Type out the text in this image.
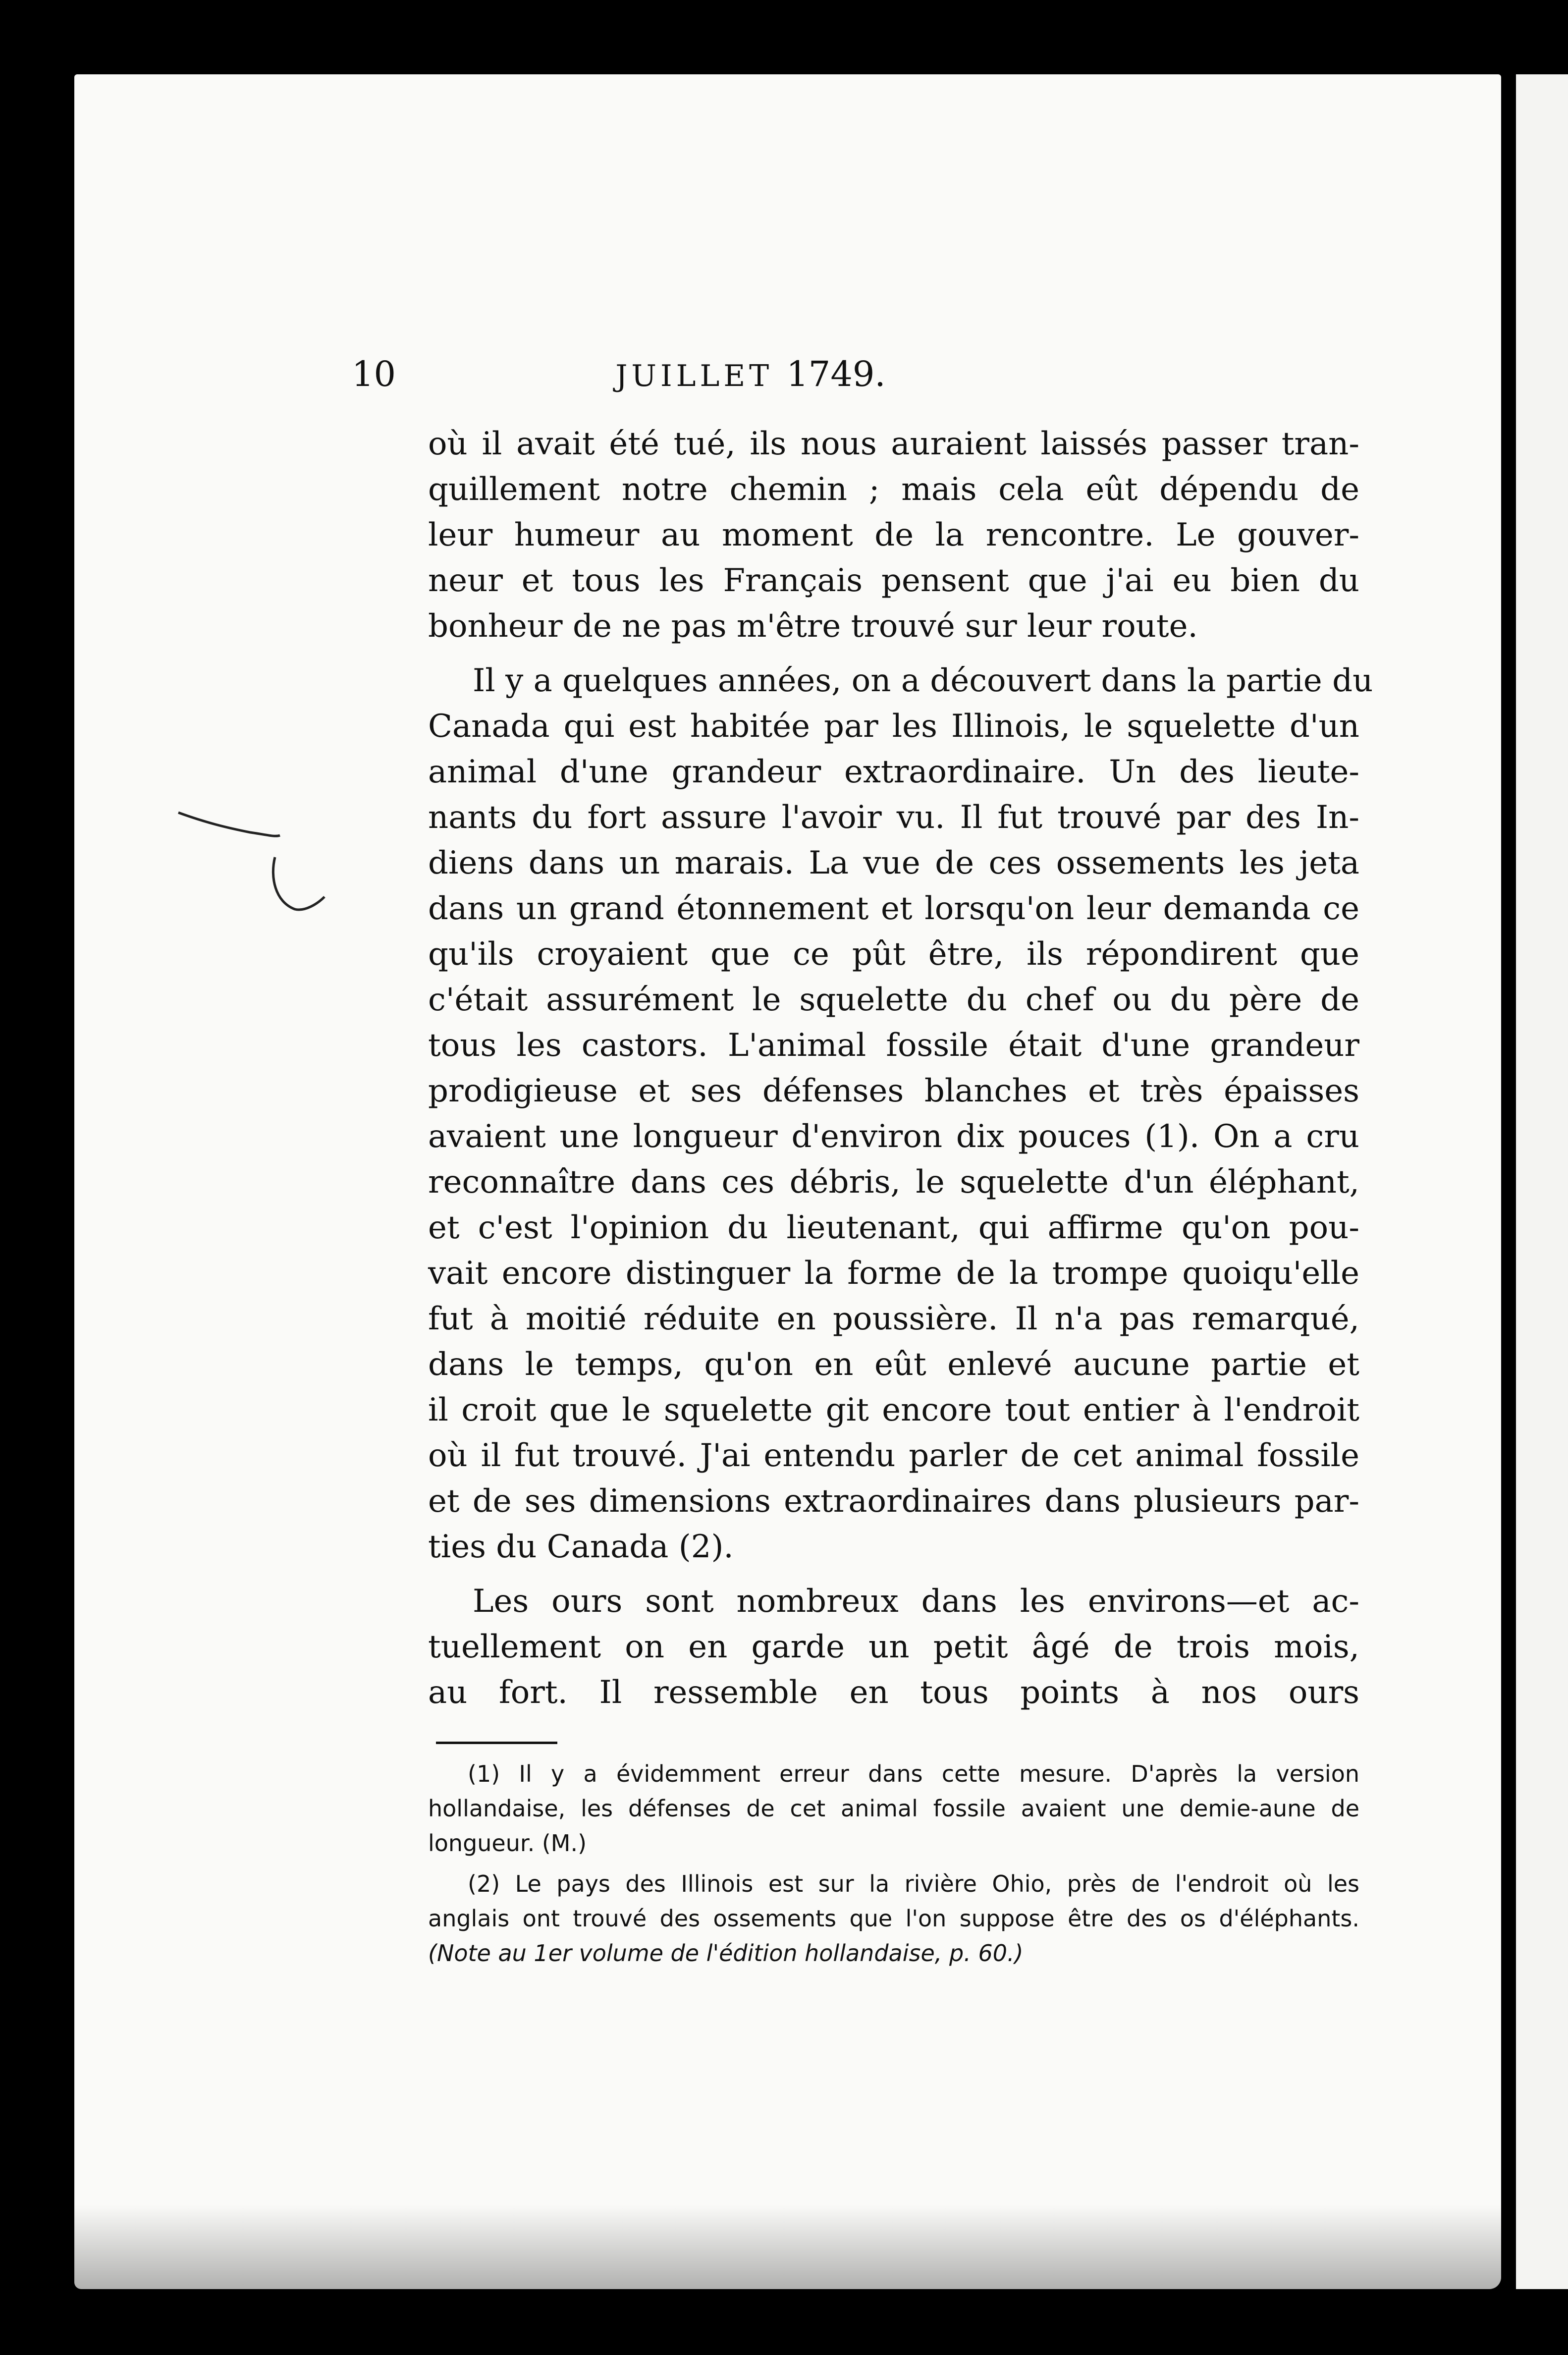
10	JUILLET 1749.
où il avait été tué, ils nous auraient laissés passer tran-
quillement notre chemin ; mais cela eût dépendu de
leur humeur au moment de la rencontre. Le gouver-
neur et tous les Français pensent que j'ai eu bien du
bonheur de ne pas m'être trouvé sur leur route.
Il y a quelques années, on a découvert dans la partie du
Canada qui est habitée par les Illinois, le squelette d'un
animal d'une grandeur extraordinaire. Un des lieute-
nants du fort assure l'avoir vu. Il fut trouvé par des In-
diens dans un marais. La vue de ces ossements les jeta
dans un grand étonnement et lorsqu'on leur demanda ce
qu'ils croyaient que ce pût être, ils répondirent que
c'était assurément le squelette du chef ou du père de
tous les castors. L'animal fossile était d'une grandeur
prodigieuse et ses défenses blanches et très épaisses
avaient une longueur d'environ dix pouces (1). On a cru
reconnaître dans ces débris, le squelette d'un éléphant,
et c'est l'opinion du lieutenant, qui affirme qu'on pou-
vait encore distinguer la forme de la trompe quoiqu'elle
fut à moitié réduite en poussière. Il n'a pas remarqué,
dans le temps, qu'on en eût enlevé aucune partie et
il croit que le squelette git encore tout entier à l'endroit
où il fut trouvé. J'ai entendu parler de cet animal fossile
et de ses dimensions extraordinaires dans plusieurs par-
ties du Canada (2).
Les ours sont nombreux dans les environs—et ac-
tuellement on en garde un petit âgé de trois mois,
au fort. Il ressemble en tous points à nos ours
(1) Il y a évidemment erreur dans cette mesure. D'après la version
hollandaise, les défenses de cet animal fossile avaient une demie-aune de
longueur. (M.)
(2) Le pays des Illinois est sur la rivière Ohio, près de l'endroit où les
anglais ont trouvé des ossements que l'on suppose être des os d'éléphants.
(Note au 1er volume de l'édition hollandaise, p. 60.)
